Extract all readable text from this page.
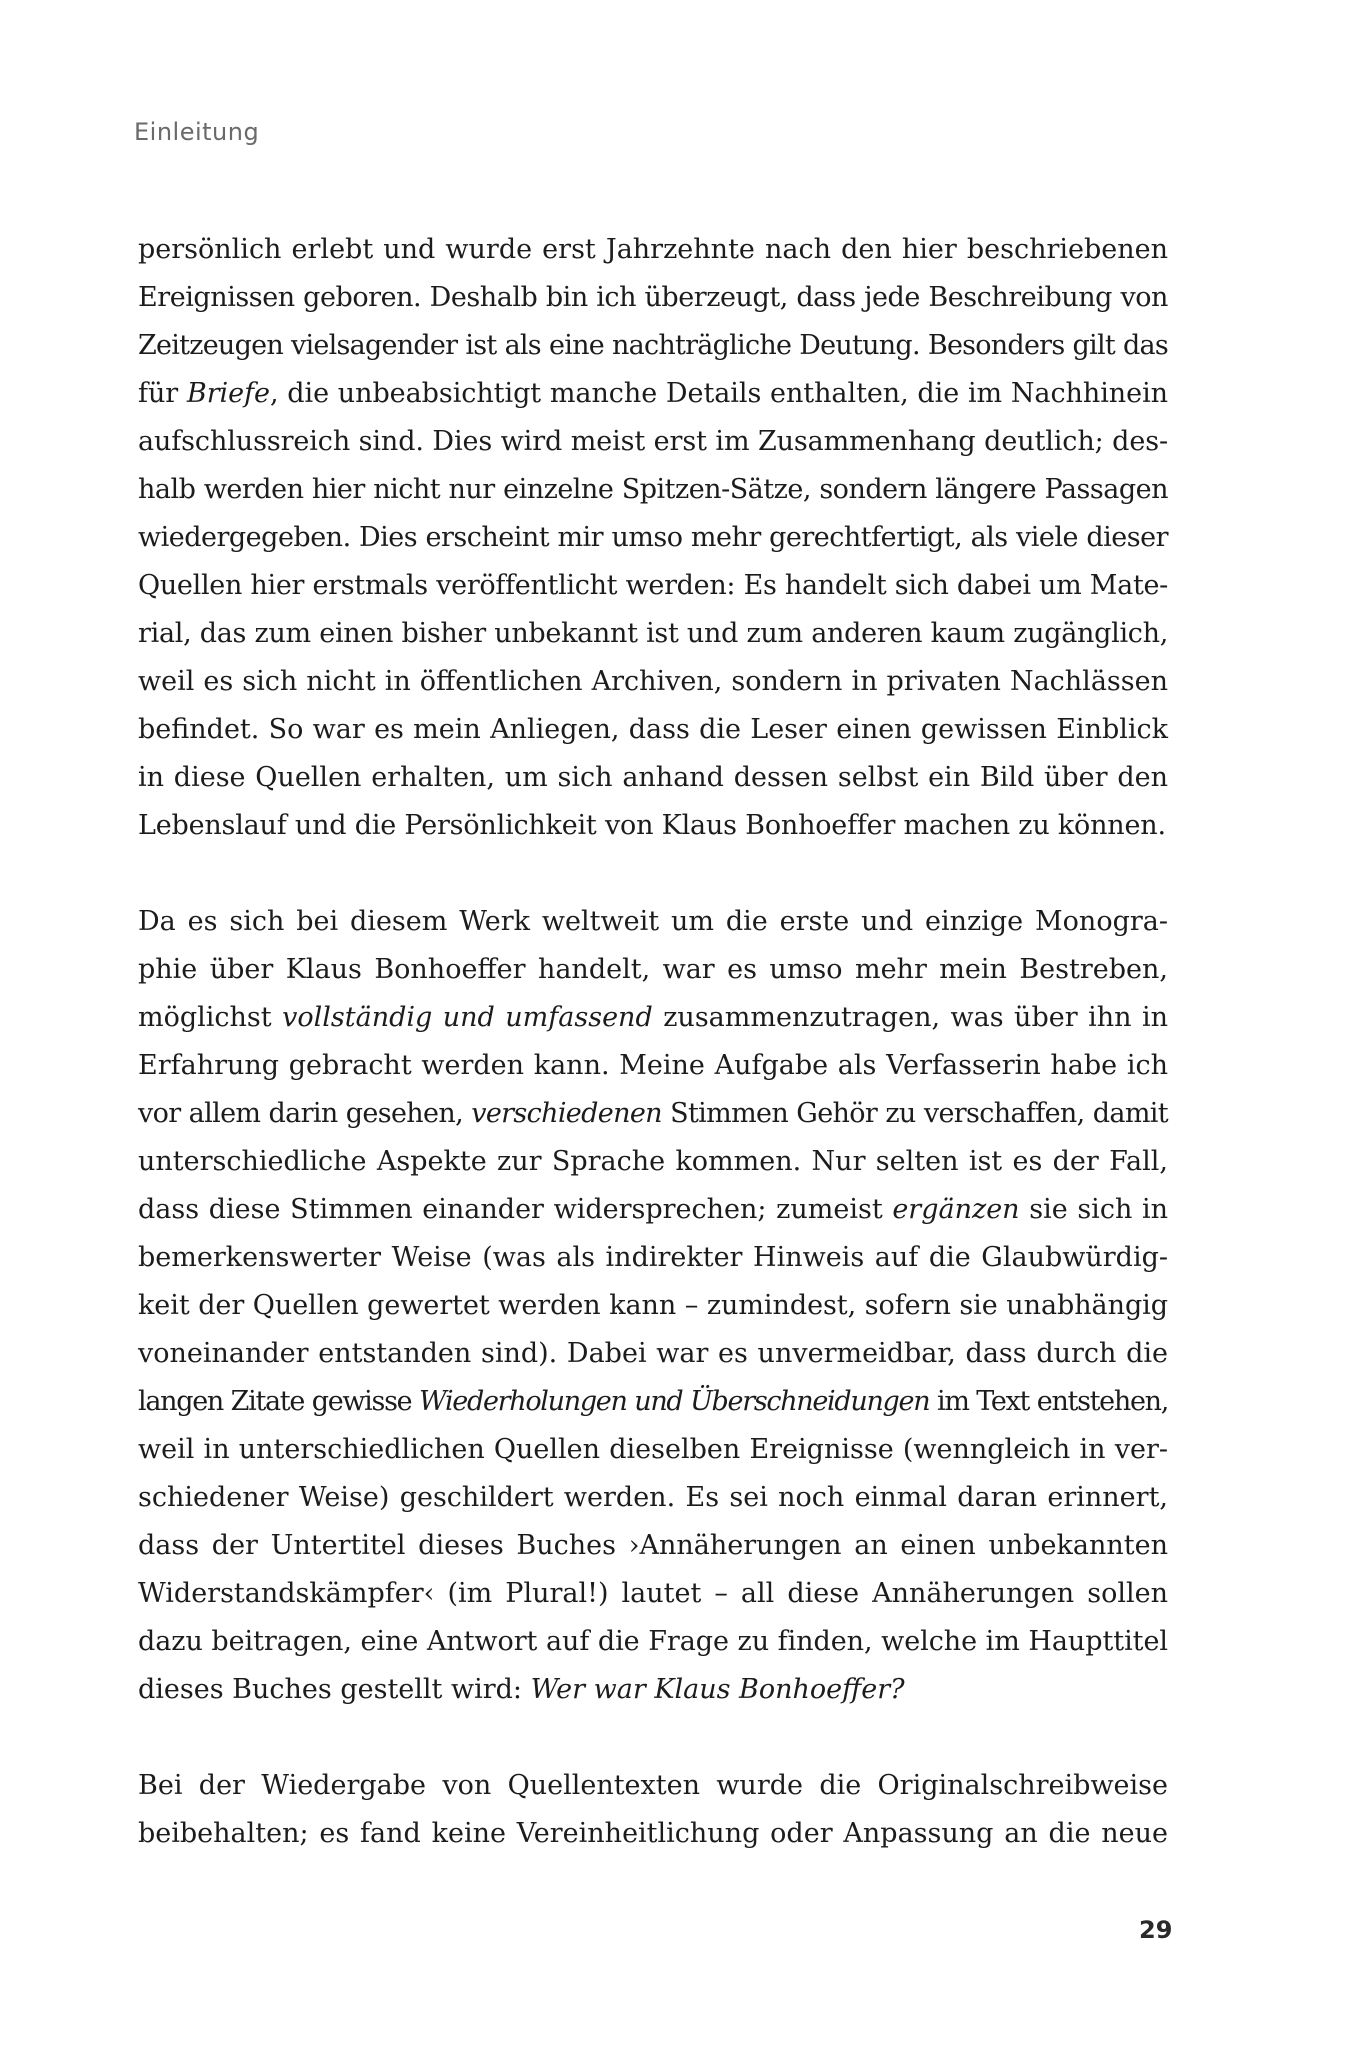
Einleitung

persönlich erlebt und wurde erst Jahrzehnte nach den hier beschriebenen
Ereignissen geboren. Deshalb bin ich überzeugt, dass jede Beschreibung von
Zeitzeugen vielsagender ist als eine nachträgliche Deutung. Besonders gilt das
für Briefe, die unbeabsichtigt manche Details enthalten, die im Nachhinein
aufschlussreich sind. Dies wird meist erst im Zusammenhang deutlich; des-
halb werden hier nicht nur einzelne Spitzen-Sätze, sondern längere Passagen
wiedergegeben. Dies erscheint mir umso mehr gerechtfertigt, als viele dieser
Quellen hier erstmals veröffentlicht werden: Es handelt sich dabei um Mate-
rial, das zum einen bisher unbekannt ist und zum anderen kaum zugänglich,
weil es sich nicht in öffentlichen Archiven, sondern in privaten Nachlässen
befindet. So war es mein Anliegen, dass die Leser einen gewissen Einblick
in diese Quellen erhalten, um sich anhand dessen selbst ein Bild über den
Lebenslauf und die Persönlichkeit von Klaus Bonhoeffer machen zu können.

Da es sich bei diesem Werk weltweit um die erste und einzige Monogra-
phie über Klaus Bonhoeffer handelt, war es umso mehr mein Bestreben,
möglichst vollständig und umfassend zusammenzutragen, was über ihn in
Erfahrung gebracht werden kann. Meine Aufgabe als Verfasserin habe ich
vor allem darin gesehen, verschiedenen Stimmen Gehör zu verschaffen, damit
unterschiedliche Aspekte zur Sprache kommen. Nur selten ist es der Fall,
dass diese Stimmen einander widersprechen; zumeist ergänzen sie sich in
bemerkenswerter Weise (was als indirekter Hinweis auf die Glaubwürdig-
keit der Quellen gewertet werden kann – zumindest, sofern sie unabhängig
voneinander entstanden sind). Dabei war es unvermeidbar, dass durch die
langen Zitate gewisse Wiederholungen und Überschneidungen im Text entstehen,
weil in unterschiedlichen Quellen dieselben Ereignisse (wenngleich in ver-
schiedener Weise) geschildert werden. Es sei noch einmal daran erinnert,
dass der Untertitel dieses Buches ›Annäherungen an einen unbekannten
Widerstandskämpfer‹ (im Plural!) lautet – all diese Annäherungen sollen
dazu beitragen, eine Antwort auf die Frage zu finden, welche im Haupttitel
dieses Buches gestellt wird: Wer war Klaus Bonhoeffer?

Bei der Wiedergabe von Quellentexten wurde die Originalschreibweise
beibehalten; es fand keine Vereinheitlichung oder Anpassung an die neue

29
